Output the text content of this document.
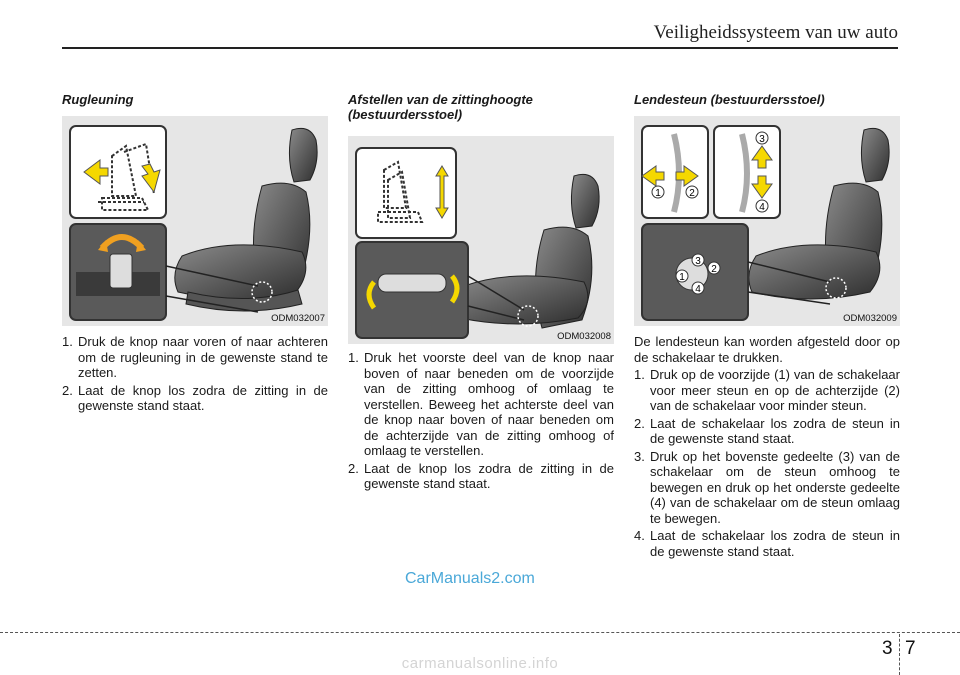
Veiligheidssysteem van uw auto

Rugleuning

ODM032007
1. Druk de knop naar voren of naar achteren om de rugleuning in de gewenste stand te zetten.
2. Laat de knop los zodra de zitting in de gewenste stand staat.

Afstellen van de zittinghoogte (bestuurdersstoel)

ODM032008
1. Druk het voorste deel van de knop naar boven of naar beneden om de voorzijde van de zitting omhoog of omlaag te verstellen. Beweeg het achterste deel van de knop naar boven of naar beneden om de achterzijde van de zitting omhoog of omlaag te verstellen.
2. Laat de knop los zodra de zitting in de gewenste stand staat.

Lendesteun (bestuurdersstoel)

1	2
3
4
1
2
3
4
ODM032009

De lendesteun kan worden afgesteld door op de schakelaar te drukken.

1. Druk op de voorzijde (1) van de schakelaar voor meer steun en op de achterzijde (2) van de schakelaar voor minder steun.
2. Laat de schakelaar los zodra de steun in de gewenste stand staat.
3. Druk op het bovenste gedeelte (3) van de schakelaar om de steun omhoog te bewegen en druk op het onderste gedeelte (4) van de schakelaar om de steun omlaag te bewegen.
4. Laat de schakelaar los zodra de steun in de gewenste stand staat.
CarManuals2.com
3 7
carmanualsonline.info
